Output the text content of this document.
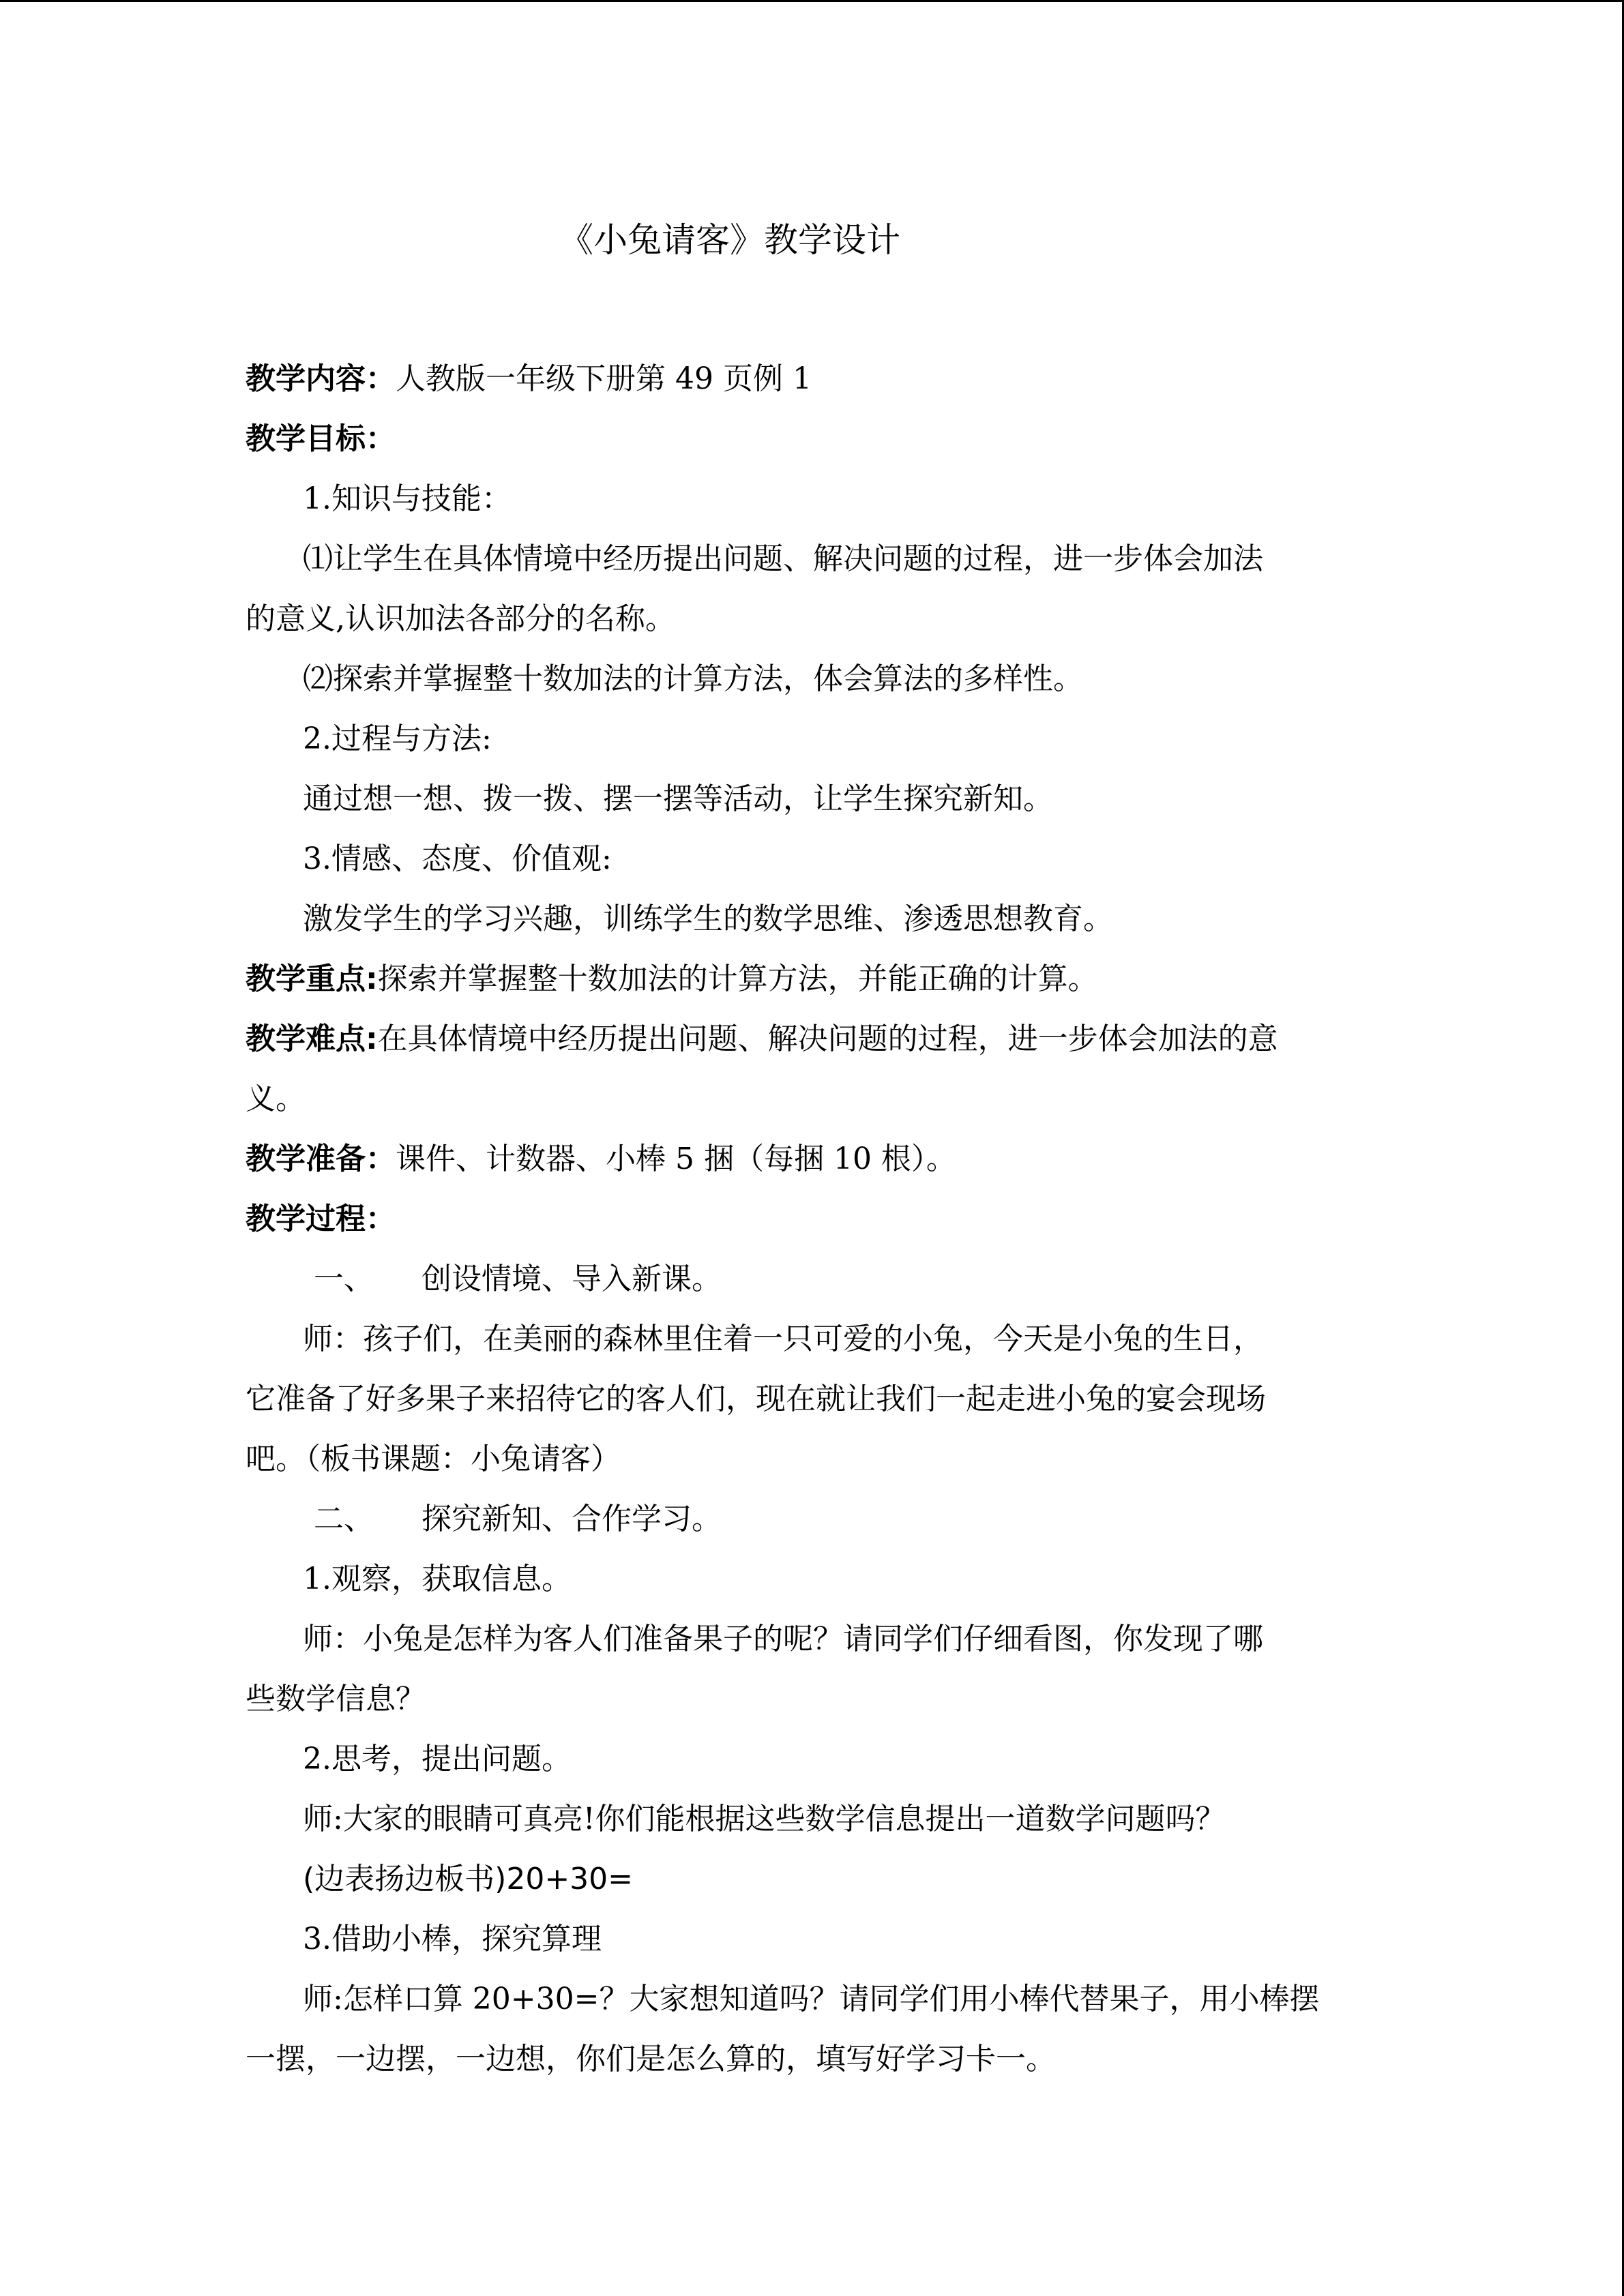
《小兔请客》教学设计
教学内容：人教版一年级下册第 49 页例 1
教学目标：
1.知识与技能：
⑴让学生在具体情境中经历提出问题、解决问题的过程，进一步体会加法
的意义,认识加法各部分的名称。
⑵探索并掌握整十数加法的计算方法，体会算法的多样性。
2.过程与方法:
通过想一想、拨一拨、摆一摆等活动，让学生探究新知。
3.情感、态度、价值观:
激发学生的学习兴趣，训练学生的数学思维、渗透思想教育。
教学重点:探索并掌握整十数加法的计算方法，并能正确的计算。
教学难点:在具体情境中经历提出问题、解决问题的过程，进一步体会加法的意
义。
教学准备：课件、计数器、小棒 5 捆（每捆 10 根）。
教学过程：
一、 创设情境、导入新课。
师：孩子们，在美丽的森林里住着一只可爱的小兔，今天是小兔的生日，
它准备了好多果子来招待它的客人们，现在就让我们一起走进小兔的宴会现场
吧。（板书课题：小兔请客）
二、 探究新知、合作学习。
1.观察，获取信息。
师：小兔是怎样为客人们准备果子的呢？请同学们仔细看图，你发现了哪
些数学信息？
2.思考，提出问题。
师:大家的眼睛可真亮!你们能根据这些数学信息提出一道数学问题吗？
(边表扬边板书)20+30=
3.借助小棒，探究算理
师:怎样口算 20+30=？大家想知道吗？请同学们用小棒代替果子，用小棒摆
一摆，一边摆，一边想，你们是怎么算的，填写好学习卡一。
